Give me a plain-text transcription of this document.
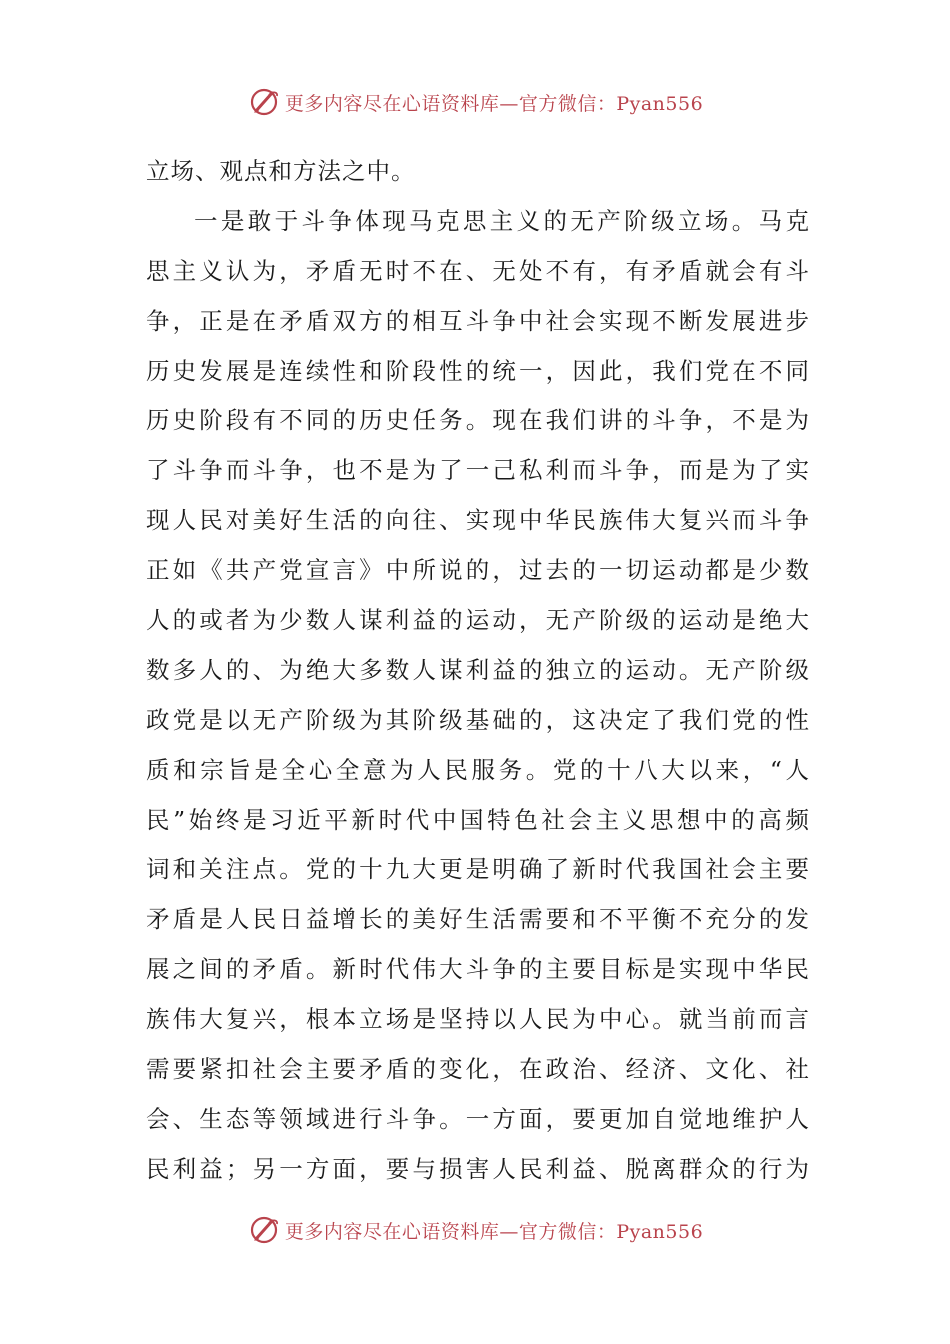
更多内容尽在心语资料库—官方微信：Pyan556
立场、观点和方法之中。
一是敢于斗争体现马克思主义的无产阶级立场。马克
思主义认为，矛盾无时不在、无处不有，有矛盾就会有斗
争，正是在矛盾双方的相互斗争中社会实现不断发展进步
历史发展是连续性和阶段性的统一，因此，我们党在不同
历史阶段有不同的历史任务。现在我们讲的斗争，不是为
了斗争而斗争，也不是为了一己私利而斗争，而是为了实
现人民对美好生活的向往、实现中华民族伟大复兴而斗争
正如《共产党宣言》中所说的，过去的一切运动都是少数
人的或者为少数人谋利益的运动，无产阶级的运动是绝大
数多人的、为绝大多数人谋利益的独立的运动。无产阶级
政党是以无产阶级为其阶级基础的，这决定了我们党的性
质和宗旨是全心全意为人民服务。党的十八大以来，“人
民”始终是习近平新时代中国特色社会主义思想中的高频
词和关注点。党的十九大更是明确了新时代我国社会主要
矛盾是人民日益增长的美好生活需要和不平衡不充分的发
展之间的矛盾。新时代伟大斗争的主要目标是实现中华民
族伟大复兴，根本立场是坚持以人民为中心。就当前而言
需要紧扣社会主要矛盾的变化，在政治、经济、文化、社
会、生态等领域进行斗争。一方面，要更加自觉地维护人
民利益；另一方面，要与损害人民利益、脱离群众的行为
更多内容尽在心语资料库—官方微信：Pyan556
